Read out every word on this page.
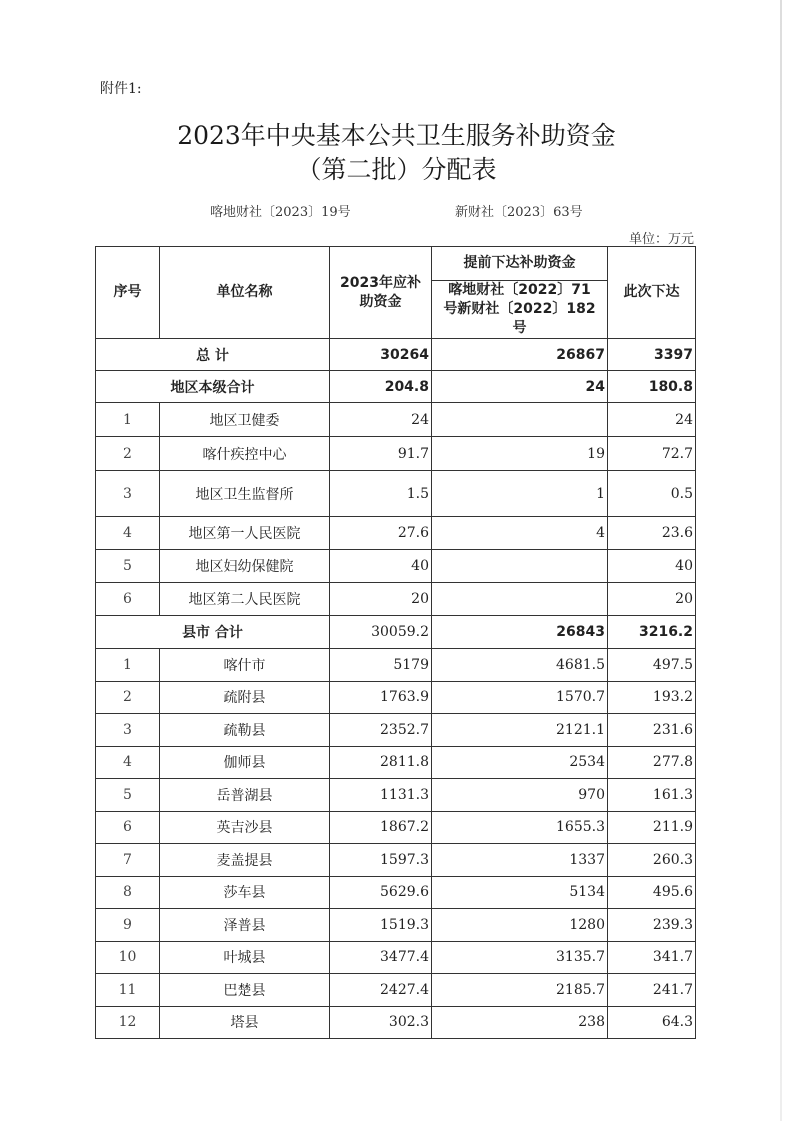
附件1:
2023年中央基本公共卫生服务补助资金
（第二批）分配表
喀地财社〔2023〕19号	新财社〔2023〕63号
单位：万元
序号	单位名称	2023年应补助资金	提前下达补助资金	此次下达
			喀地财社〔2022〕71号新财社〔2022〕182号	
总 计		30264	26867	3397
地区本级合计		204.8	24	180.8
1	地区卫健委	24		24
2	喀什疾控中心	91.7	19	72.7
3	地区卫生监督所	1.5	1	0.5
4	地区第一人民医院	27.6	4	23.6
5	地区妇幼保健院	40		40
6	地区第二人民医院	20		20
县市 合计		30059.2	26843	3216.2
1	喀什市	5179	4681.5	497.5
2	疏附县	1763.9	1570.7	193.2
3	疏勒县	2352.7	2121.1	231.6
4	伽师县	2811.8	2534	277.8
5	岳普湖县	1131.3	970	161.3
6	英吉沙县	1867.2	1655.3	211.9
7	麦盖提县	1597.3	1337	260.3
8	莎车县	5629.6	5134	495.6
9	泽普县	1519.3	1280	239.3
10	叶城县	3477.4	3135.7	341.7
11	巴楚县	2427.4	2185.7	241.7
12	塔县	302.3	238	64.3
